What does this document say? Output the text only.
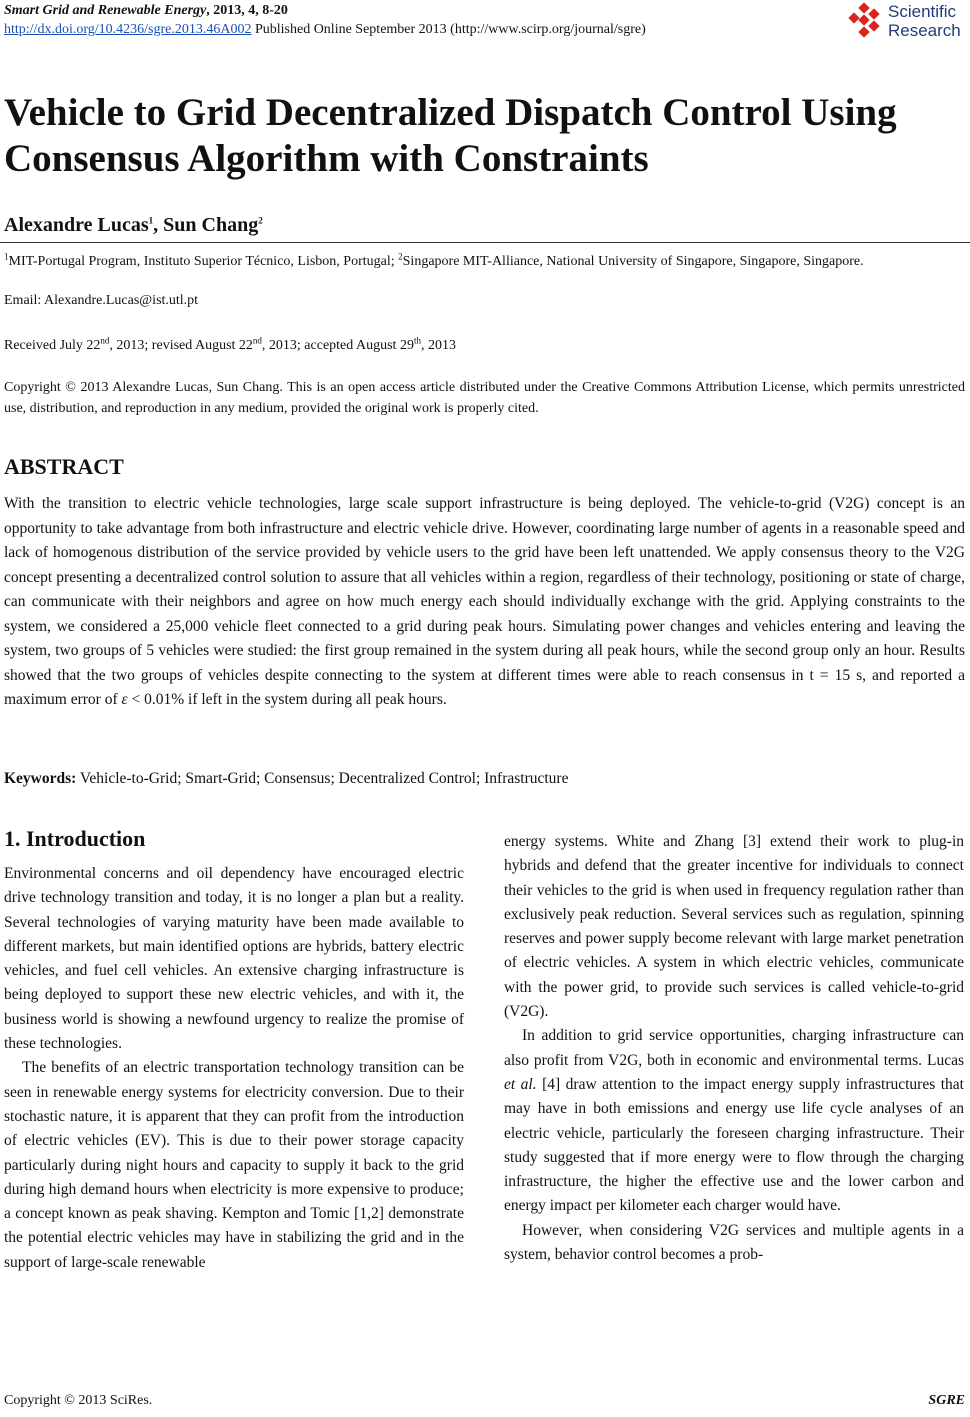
Smart Grid and Renewable Energy, 2013, 4, 8-20
http://dx.doi.org/10.4236/sgre.2013.46A002 Published Online September 2013 (http://www.scirp.org/journal/sgre)
Scientific
Research
Vehicle to Grid Decentralized Dispatch Control Using Consensus Algorithm with Constraints
Alexandre Lucas$^1$, Sun Chang$^2$
$^1$MIT-Portugal Program, Instituto Superior Técnico, Lisbon, Portugal; $^2$Singapore MIT-Alliance, National University of Singapore, Singapore, Singapore.
Email: Alexandre.Lucas@ist.utl.pt
Received July 22nd, 2013; revised August 22nd, 2013; accepted August 29th, 2013
Copyright © 2013 Alexandre Lucas, Sun Chang. This is an open access article distributed under the Creative Commons Attribution License, which permits unrestricted use, distribution, and reproduction in any medium, provided the original work is properly cited.
ABSTRACT
With the transition to electric vehicle technologies, large scale support infrastructure is being deployed. The vehicle-to-grid (V2G) concept is an opportunity to take advantage from both infrastructure and electric vehicle drive. However, coordinating large number of agents in a reasonable speed and lack of homogenous distribution of the service provided by vehicle users to the grid have been left unattended. We apply consensus theory to the V2G concept presenting a decentralized control solution to assure that all vehicles within a region, regardless of their technology, positioning or state of charge, can communicate with their neighbors and agree on how much energy each should individually exchange with the grid. Applying constraints to the system, we considered a 25,000 vehicle fleet connected to a grid during peak hours. Simulating power changes and vehicles entering and leaving the system, two groups of 5 vehicles were studied: the first group remained in the system during all peak hours, while the second group only an hour. Results showed that the two groups of vehicles despite connecting to the system at different times were able to reach consensus in t = 15 s, and reported a maximum error of ε < 0.01% if left in the system during all peak hours.
Keywords: Vehicle-to-Grid; Smart-Grid; Consensus; Decentralized Control; Infrastructure
1. Introduction

Environmental concerns and oil dependency have encouraged electric drive technology transition and today, it is no longer a plan but a reality. Several technologies of varying maturity have been made available to different markets, but main identified options are hybrids, battery electric vehicles, and fuel cell vehicles. An extensive charging infrastructure is being deployed to support these new electric vehicles, and with it, the business world is showing a newfound urgency to realize the promise of these technologies.

The benefits of an electric transportation technology transition can be seen in renewable energy systems for electricity conversion. Due to their stochastic nature, it is apparent that they can profit from the introduction of electric vehicles (EV). This is due to their power storage capacity particularly during night hours and capacity to supply it back to the grid during high demand hours when electricity is more expensive to produce; a concept known as peak shaving. Kempton and Tomic [1,2] demonstrate the potential electric vehicles may have in stabilizing the grid and in the support of large-scale renewable

energy systems. White and Zhang [3] extend their work to plug-in hybrids and defend that the greater incentive for individuals to connect their vehicles to the grid is when used in frequency regulation rather than exclusively peak reduction. Several services such as regulation, spinning reserves and power supply become relevant with large market penetration of electric vehicles. A system in which electric vehicles, communicate with the power grid, to provide such services is called vehicle-to-grid (V2G).

In addition to grid service opportunities, charging infrastructure can also profit from V2G, both in economic and environmental terms. Lucas et al. [4] draw attention to the impact energy supply infrastructures that may have in both emissions and energy use life cycle analyses of an electric vehicle, particularly the foreseen charging infrastructure. Their study suggested that if more energy were to flow through the charging infrastructure, the higher the effective use and the lower carbon and energy impact per kilometer each charger would have.

However, when considering V2G services and multiple agents in a system, behavior control becomes a prob-

Copyright © 2013 SciRes.	SGRE
